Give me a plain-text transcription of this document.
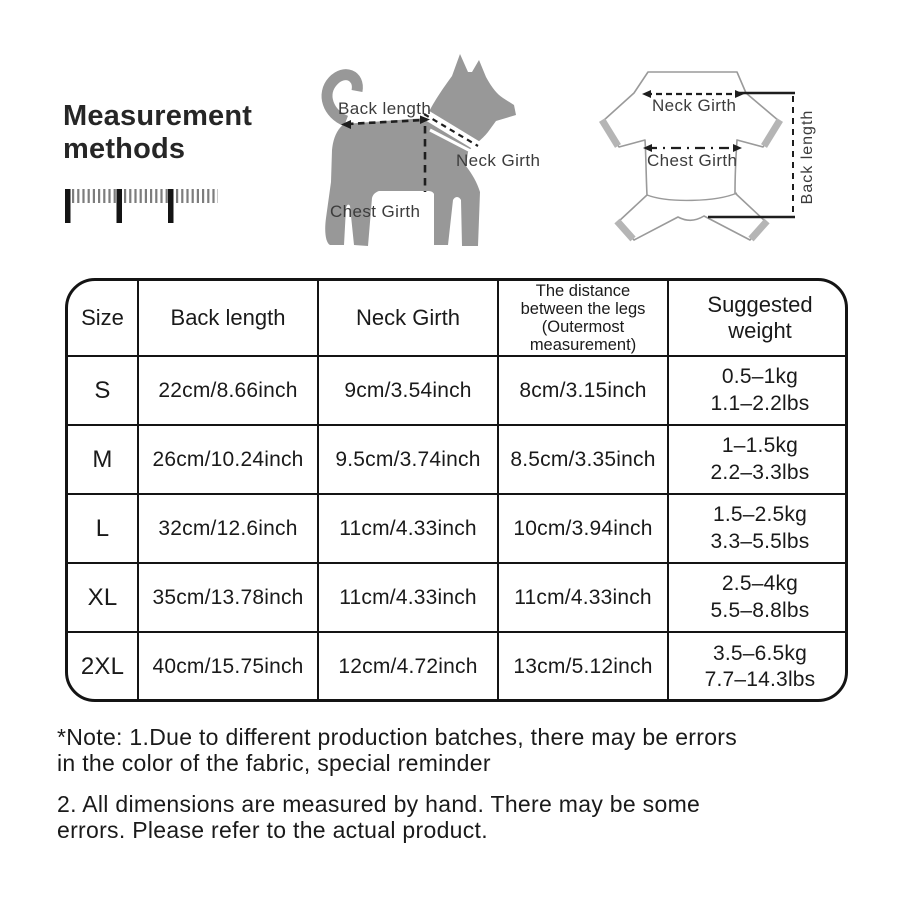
Measurement methods
Back length
Neck Girth
Chest Girth
Neck Girth
Chest Girth	Back length
Size	Back length	Neck Girth	The distance
between the legs
(Outermost
measurement)	Suggested weight
S	22cm/8.66inch	9cm/3.54inch	8cm/3.15inch	0.5–1kg
1.1–2.2lbs

M	26cm/10.24inch	9.5cm/3.74inch	8.5cm/3.35inch	1–1.5kg
2.2–3.3lbs

L	32cm/12.6inch	11cm/4.33inch	10cm/3.94inch	1.5–2.5kg
3.3–5.5lbs

XL	35cm/13.78inch	11cm/4.33inch	11cm/4.33inch	2.5–4kg
5.5–8.8lbs

2XL	40cm/15.75inch	12cm/4.72inch	13cm/5.12inch	3.5–6.5kg
7.7–14.3lbs
*Note: 1.Due to different production batches, there may be errors
in the color of the fabric, special reminder
2. All dimensions are measured by hand. There may be some
errors. Please refer to the actual product.
